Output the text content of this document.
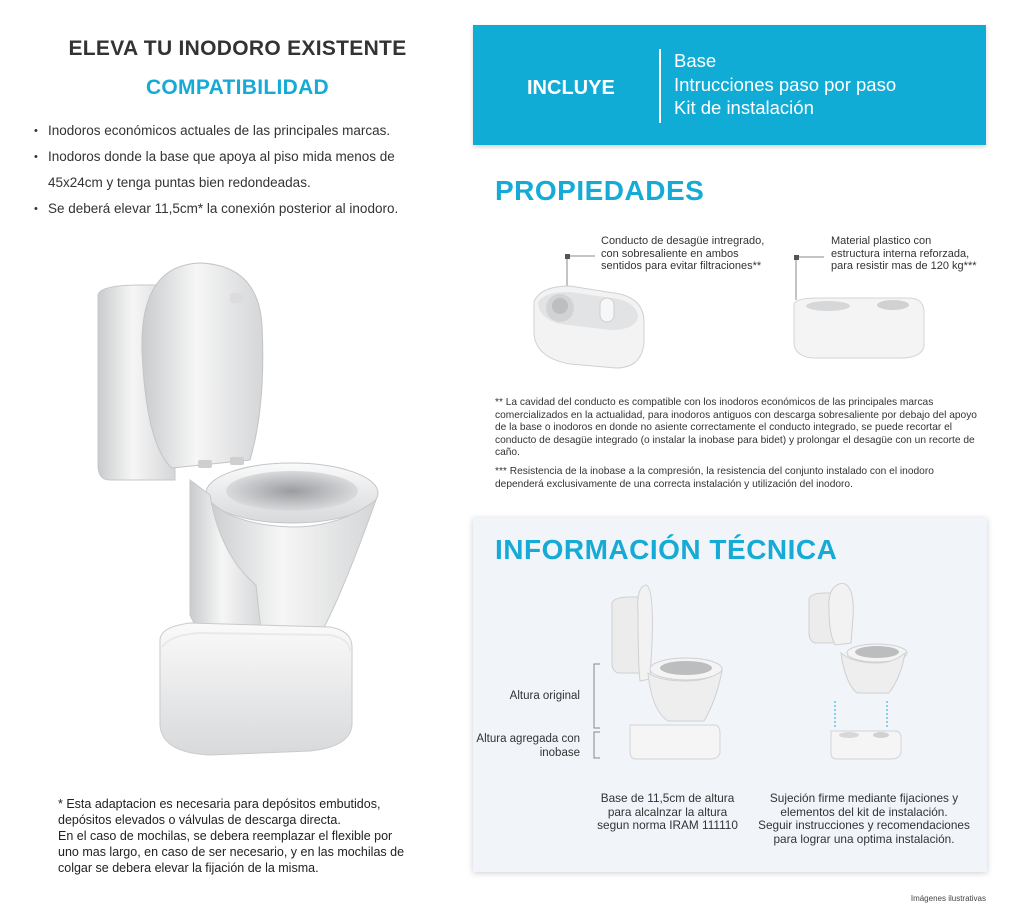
ELEVA TU INODORO EXISTENTE
COMPATIBILIDAD
• Inodoros económicos actuales de las principales marcas.
• Inodoros donde la base que apoya al piso mida menos de 45x24cm y tenga puntas bien redondeadas.
• Se deberá elevar 11,5cm* la conexión posterior al inodoro.

* Esta adaptacion es necesaria para depósitos embutidos,
depósitos elevados o válvulas de descarga directa.
En el caso de mochilas, se debera reemplazar el flexible por
uno mas largo, en caso de ser necesario, y en las mochilas de
colgar se debera elevar la fijación de la misma.

INCLUYE
Base
Intrucciones paso por paso
Kit de instalación
PROPIEDADES

Conducto de desagüe intregrado,
con sobresaliente en ambos
sentidos para evitar filtraciones**

Material plastico con
estructura interna reforzada,
para resistir mas de 120 kg***

** La cavidad del conducto es compatible con los inodoros económicos de las principales marcas comercializados en la actualidad, para inodoros antiguos con descarga sobresaliente por debajo del apoyo de la base o inodoros en donde no asiente correctamente el conducto integrado, se puede recortar el conducto de desagüe integrado (o instalar la inobase para bidet) y prolongar el desagüe con un recorte de caño.

*** Resistencia de la inobase a la compresión, la resistencia del conjunto instalado con el inodoro dependerá exclusivamente de una correcta instalación y utilización del inodoro.

INFORMACIÓN TÉCNICA

Altura original

Altura agregada con inobase

Base de 11,5cm de altura
para alcalnzar la altura
segun norma IRAM 111110

Sujeción firme mediante fijaciones y
elementos del kit de instalación.
Seguir instrucciones y recomendaciones
para lograr una optima instalación.

Imágenes ilustrativas
